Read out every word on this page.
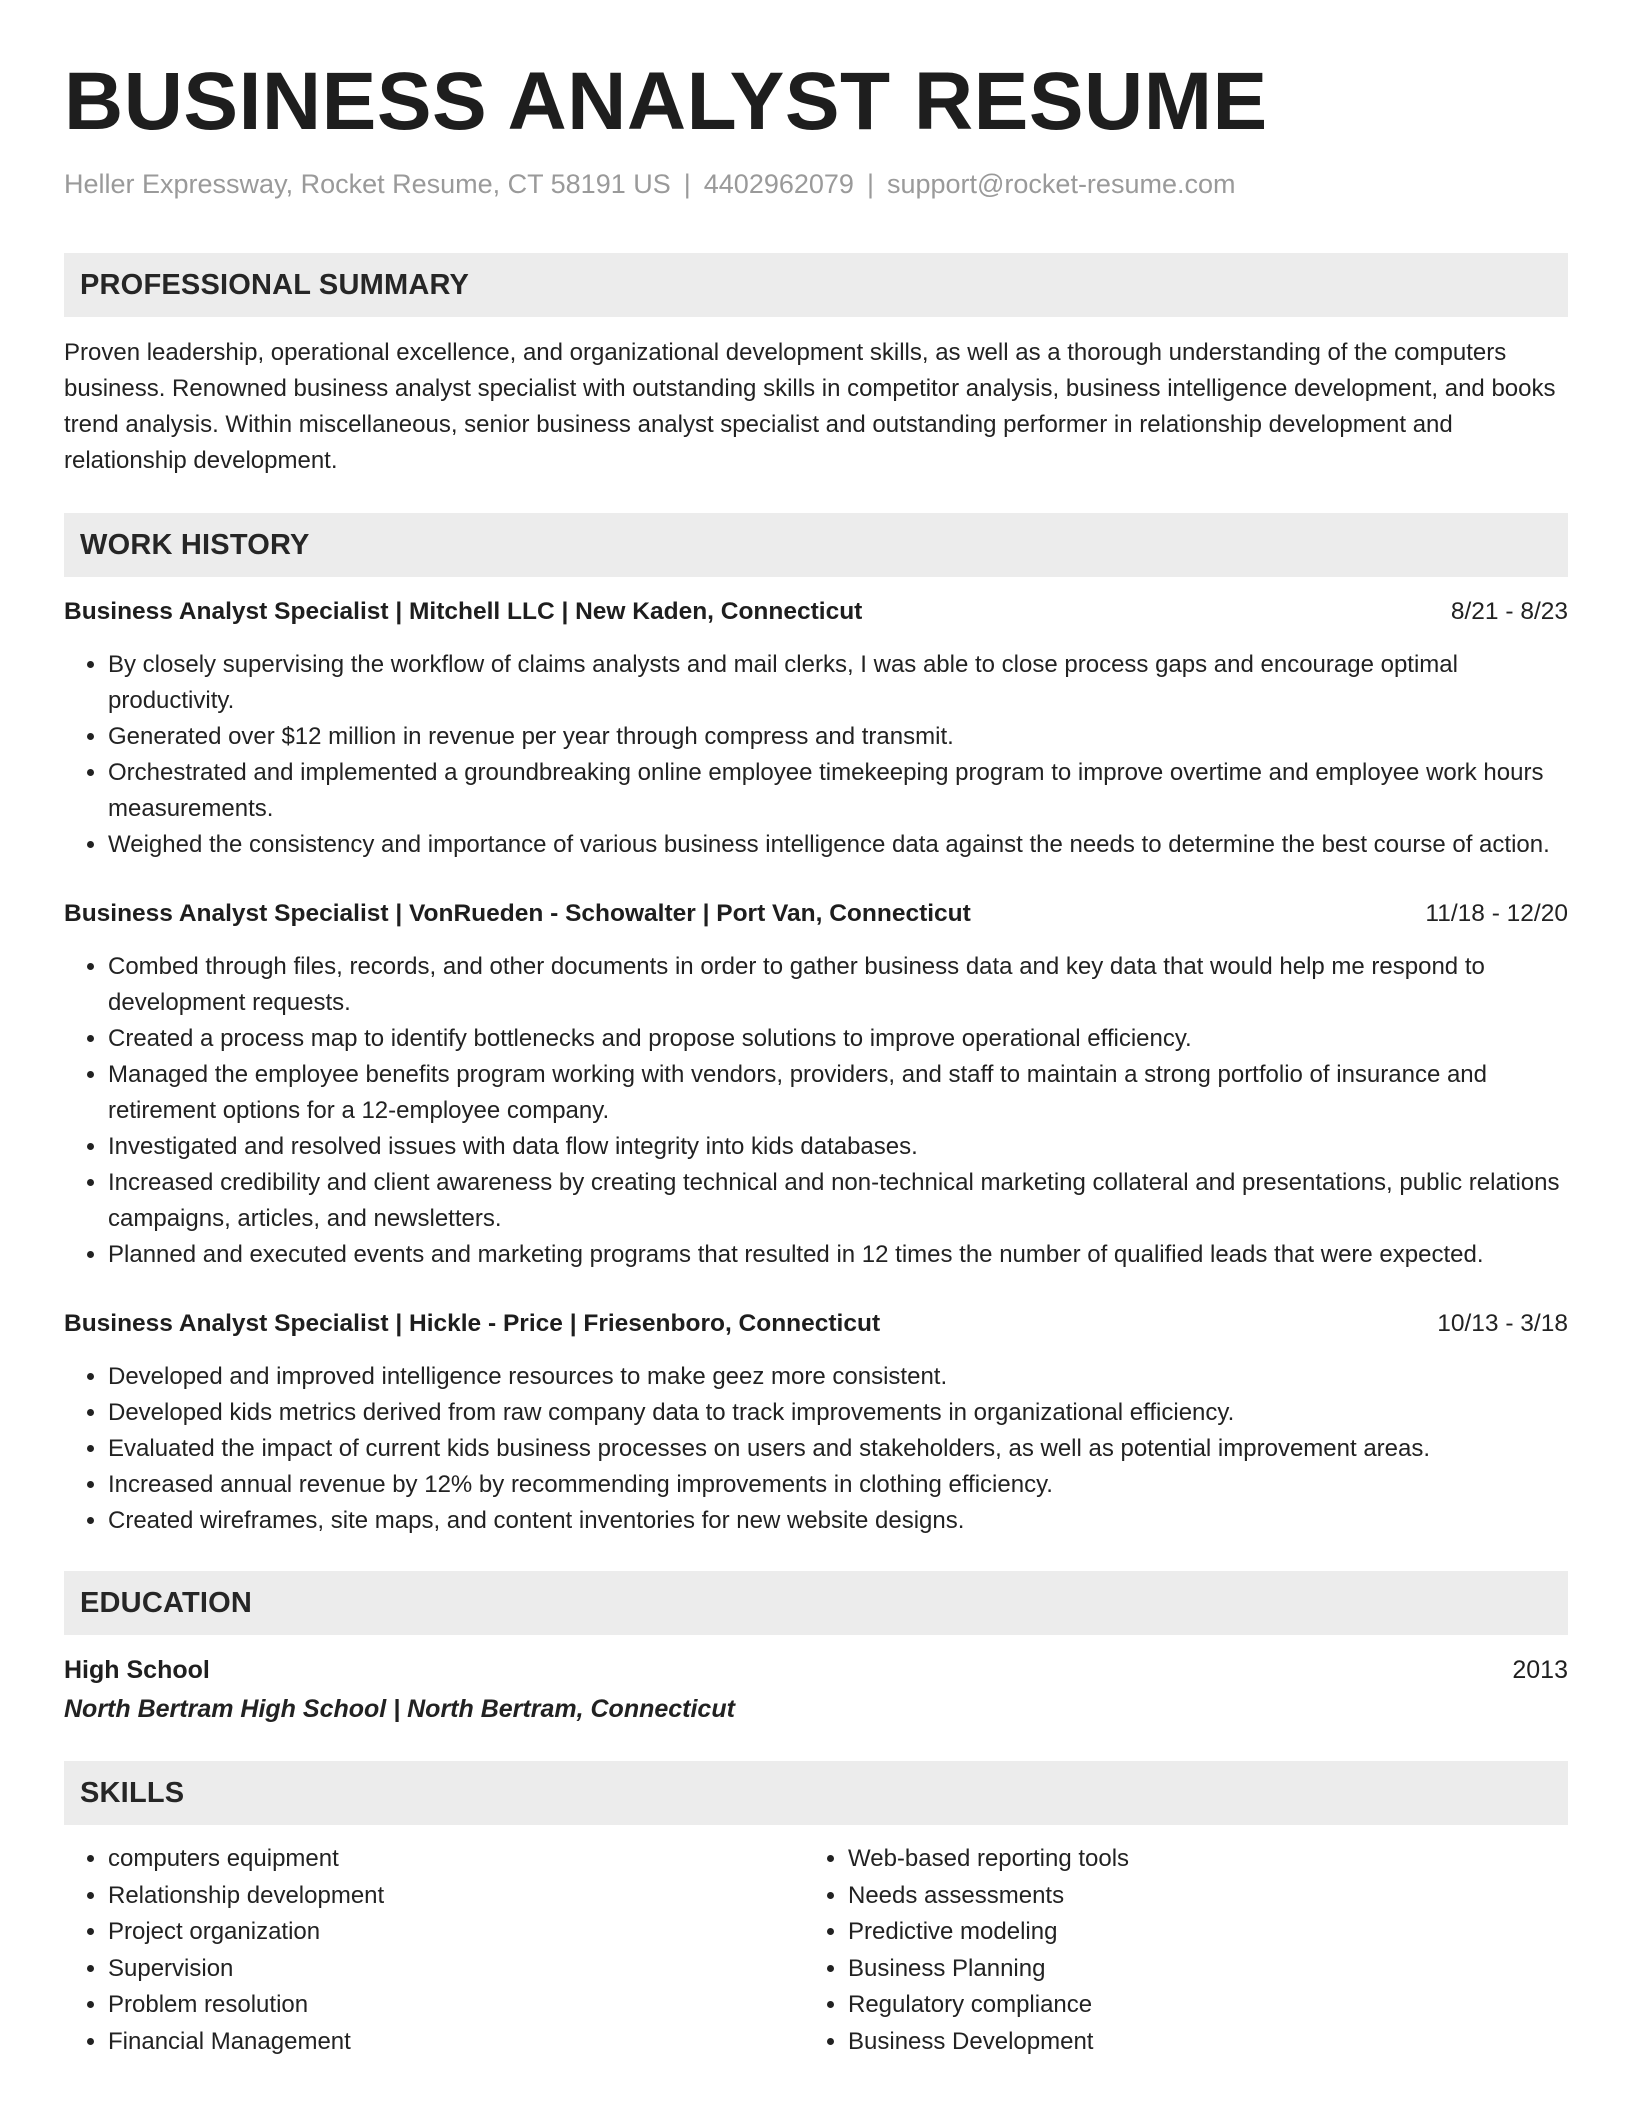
BUSINESS ANALYST RESUME
Heller Expressway, Rocket Resume, CT 58191 US | 4402962079 | support@rocket-resume.com
PROFESSIONAL SUMMARY
Proven leadership, operational excellence, and organizational development skills, as well as a thorough understanding of the computers business. Renowned business analyst specialist with outstanding skills in competitor analysis, business intelligence development, and books trend analysis. Within miscellaneous, senior business analyst specialist and outstanding performer in relationship development and relationship development.
WORK HISTORY
Business Analyst Specialist | Mitchell LLC | New Kaden, Connecticut	8/21 - 8/23
• By closely supervising the workflow of claims analysts and mail clerks, I was able to close process gaps and encourage optimal productivity.
• Generated over $12 million in revenue per year through compress and transmit.
• Orchestrated and implemented a groundbreaking online employee timekeeping program to improve overtime and employee work hours measurements.
• Weighed the consistency and importance of various business intelligence data against the needs to determine the best course of action.
Business Analyst Specialist | VonRueden - Schowalter | Port Van, Connecticut	11/18 - 12/20
• Combed through files, records, and other documents in order to gather business data and key data that would help me respond to development requests.
• Created a process map to identify bottlenecks and propose solutions to improve operational efficiency.
• Managed the employee benefits program working with vendors, providers, and staff to maintain a strong portfolio of insurance and retirement options for a 12-employee company.
• Investigated and resolved issues with data flow integrity into kids databases.
• Increased credibility and client awareness by creating technical and non-technical marketing collateral and presentations, public relations campaigns, articles, and newsletters.
• Planned and executed events and marketing programs that resulted in 12 times the number of qualified leads that were expected.
Business Analyst Specialist | Hickle - Price | Friesenboro, Connecticut	10/13 - 3/18
• Developed and improved intelligence resources to make geez more consistent.
• Developed kids metrics derived from raw company data to track improvements in organizational efficiency.
• Evaluated the impact of current kids business processes on users and stakeholders, as well as potential improvement areas.
• Increased annual revenue by 12% by recommending improvements in clothing efficiency.
• Created wireframes, site maps, and content inventories for new website designs.
EDUCATION
High School	2013
North Bertram High School | North Bertram, Connecticut
SKILLS
• computers equipment
• Relationship development
• Project organization
• Supervision
• Problem resolution
• Financial Management
• Web-based reporting tools
• Needs assessments
• Predictive modeling
• Business Planning
• Regulatory compliance
• Business Development
